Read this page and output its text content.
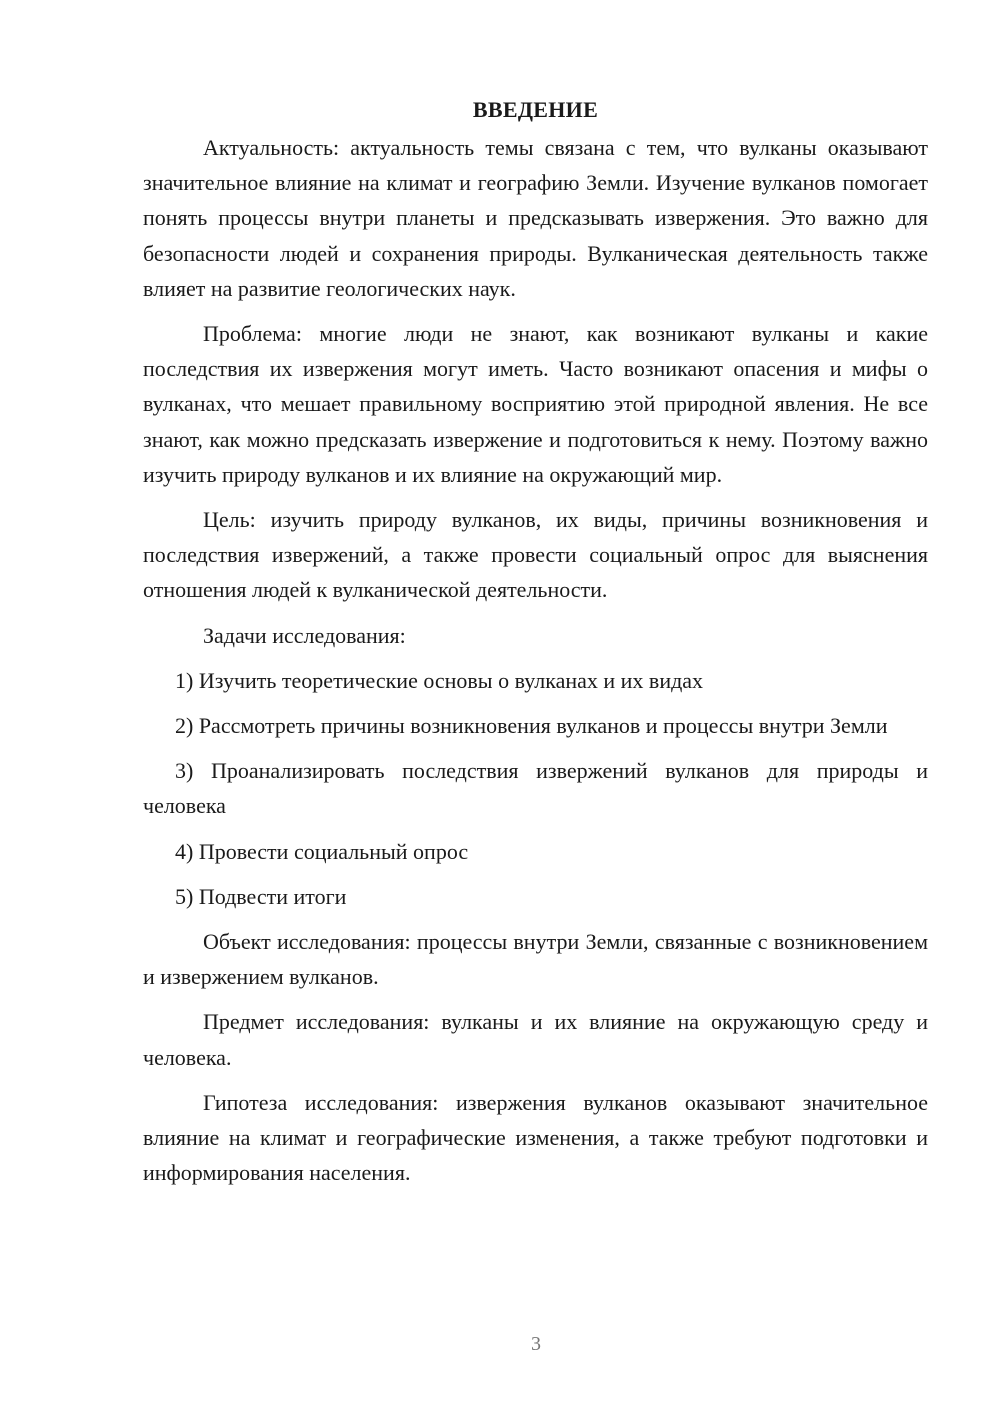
ВВЕДЕНИЕ

Актуальность: актуальность темы связана с тем, что вулканы оказывают значительное влияние на климат и географию Земли. Изучение вулканов помогает понять процессы внутри планеты и предсказывать извержения. Это важно для безопасности людей и сохранения природы. Вулканическая деятельность также влияет на развитие геологических наук.

Проблема: многие люди не знают, как возникают вулканы и какие последствия их извержения могут иметь. Часто возникают опасения и мифы о вулканах, что мешает правильному восприятию этой природной явления. Не все знают, как можно предсказать извержение и подготовиться к нему. Поэтому важно изучить природу вулканов и их влияние на окружающий мир.

Цель: изучить природу вулканов, их виды, причины возникновения и последствия извержений, а также провести социальный опрос для выяснения отношения людей к вулканической деятельности.

Задачи исследования:

1) Изучить теоретические основы о вулканах и их видах

2) Рассмотреть причины возникновения вулканов и процессы внутри Земли

3) Проанализировать последствия извержений вулканов для природы и человека

4) Провести социальный опрос

5) Подвести итоги

Объект исследования: процессы внутри Земли, связанные с возникновением и извержением вулканов.

Предмет исследования: вулканы и их влияние на окружающую среду и человека.

Гипотеза исследования: извержения вулканов оказывают значительное влияние на климат и географические изменения, а также требуют подготовки и информирования населения.

3
